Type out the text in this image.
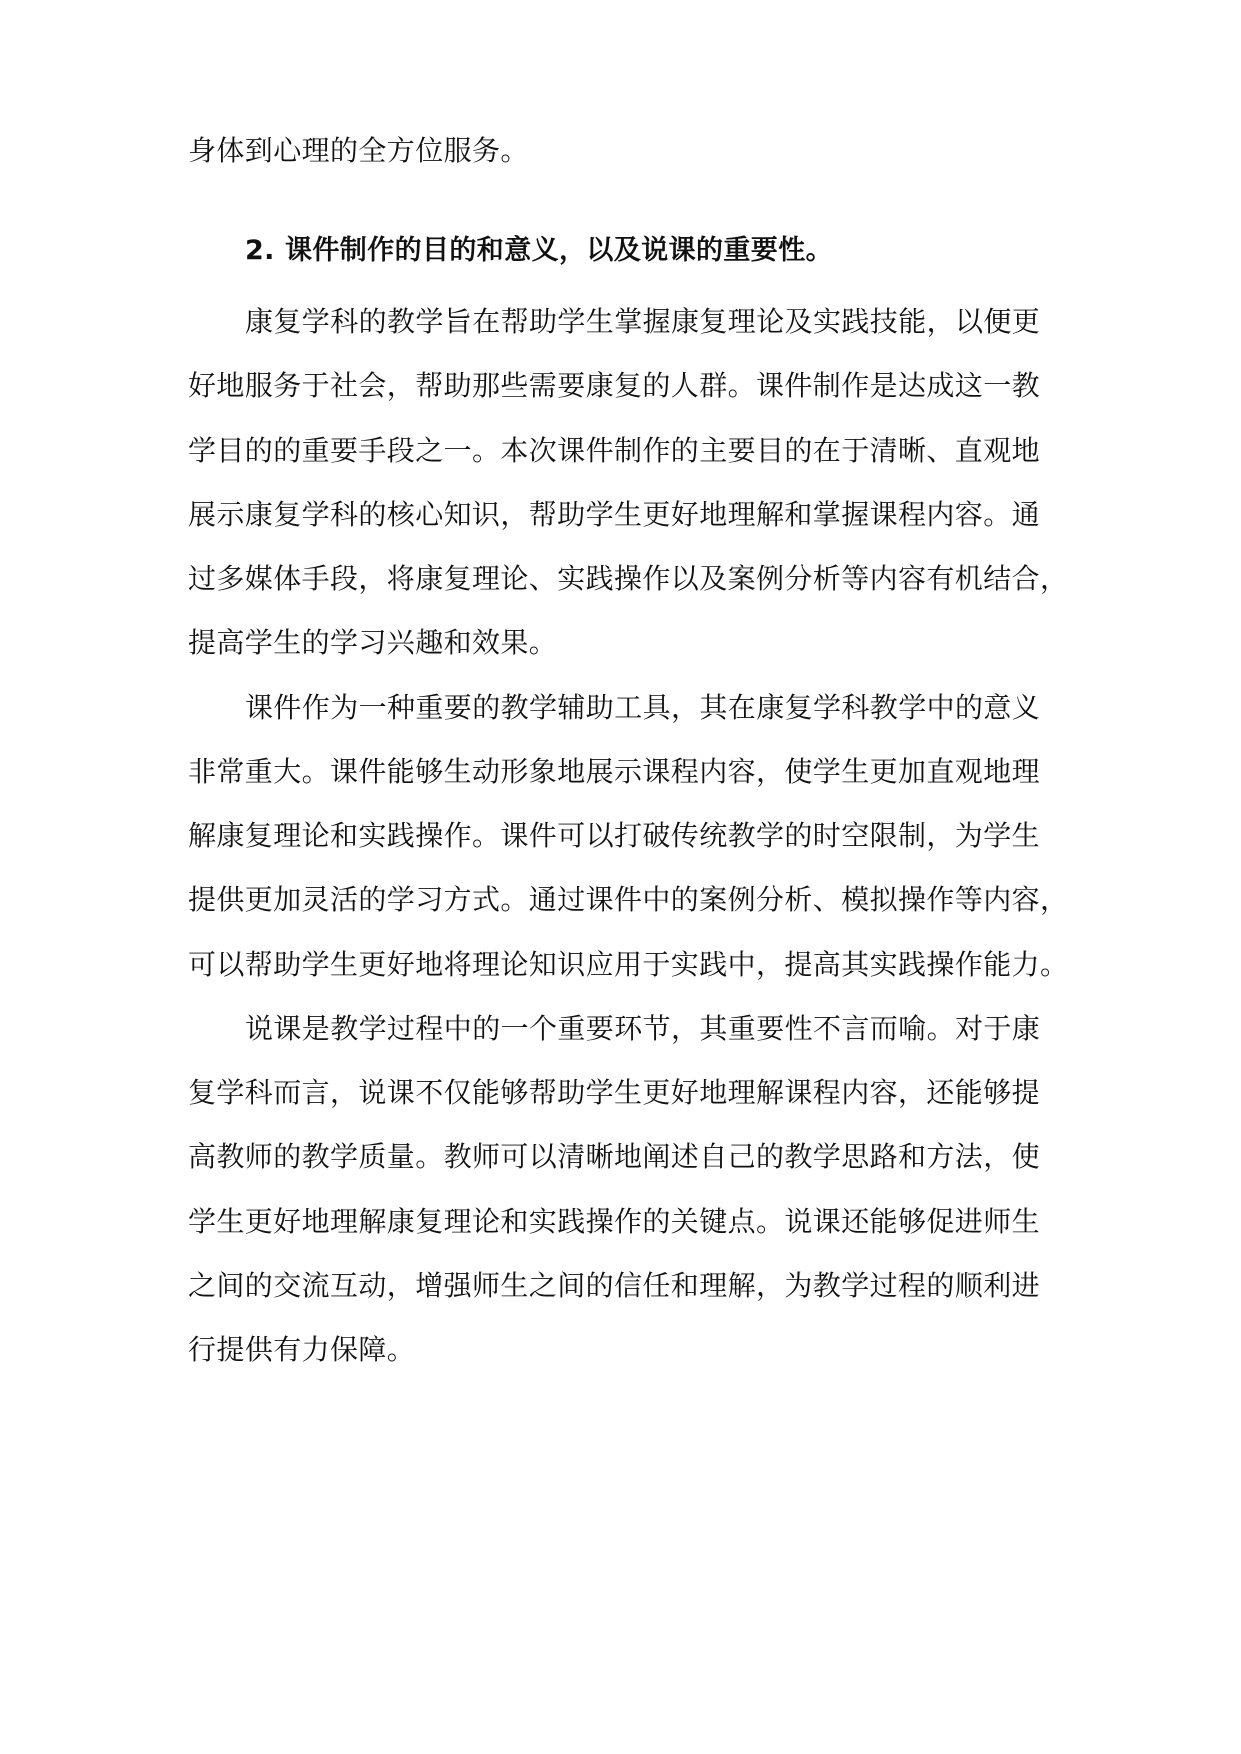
身体到心理的全方位服务。
2. 课件制作的目的和意义，以及说课的重要性。
康复学科的教学旨在帮助学生掌握康复理论及实践技能，以便更
好地服务于社会，帮助那些需要康复的人群。课件制作是达成这一教
学目的的重要手段之一。本次课件制作的主要目的在于清晰、直观地
展示康复学科的核心知识，帮助学生更好地理解和掌握课程内容。通
过多媒体手段，将康复理论、实践操作以及案例分析等内容有机结合，
提高学生的学习兴趣和效果。
课件作为一种重要的教学辅助工具，其在康复学科教学中的意义
非常重大。课件能够生动形象地展示课程内容，使学生更加直观地理
解康复理论和实践操作。课件可以打破传统教学的时空限制，为学生
提供更加灵活的学习方式。通过课件中的案例分析、模拟操作等内容，
可以帮助学生更好地将理论知识应用于实践中，提高其实践操作能力。
说课是教学过程中的一个重要环节，其重要性不言而喻。对于康
复学科而言，说课不仅能够帮助学生更好地理解课程内容，还能够提
高教师的教学质量。教师可以清晰地阐述自己的教学思路和方法，使
学生更好地理解康复理论和实践操作的关键点。说课还能够促进师生
之间的交流互动，增强师生之间的信任和理解，为教学过程的顺利进
行提供有力保障。
